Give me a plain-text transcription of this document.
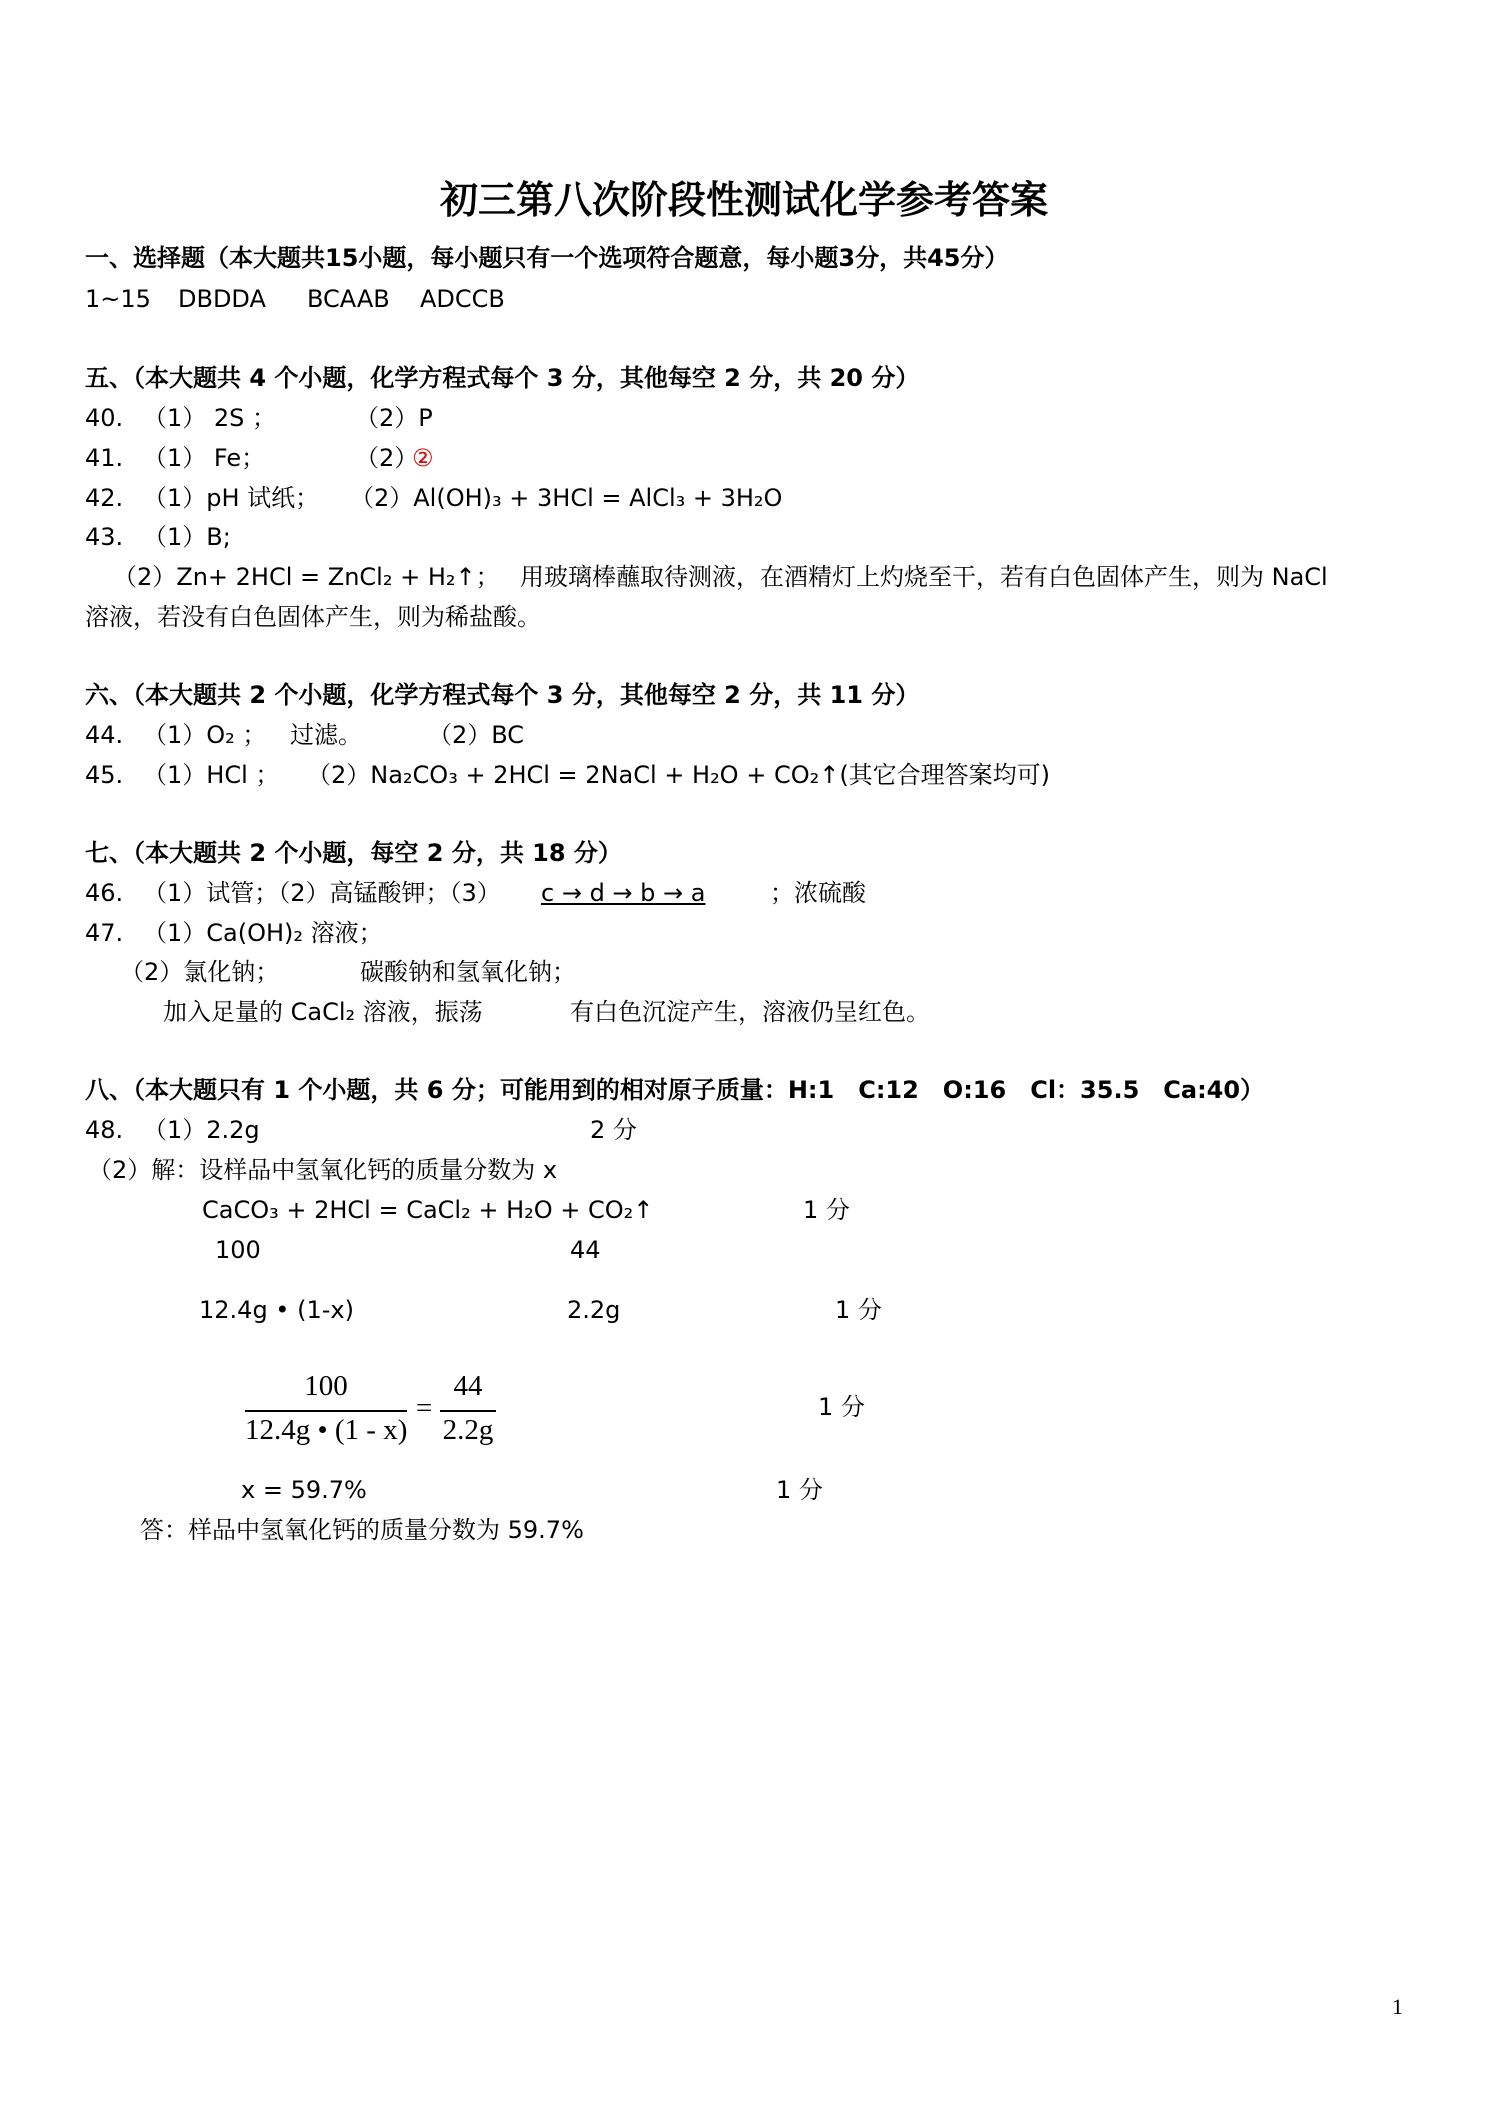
初三第八次阶段性测试化学参考答案
一、选择题（本大题共15小题，每小题只有一个选项符合题意，每小题3分，共45分）
1~15 DBDDA BCAAB ADCCB
五、（本大题共 4 个小题，化学方程式每个 3 分，其他每空 2 分，共 20 分）
40. （1） 2S ；	（2）P
41. （1） Fe；	（2）
②
42. （1）pH 试纸； （2）Al(OH)₃ + 3HCl = AlCl₃ + 3H₂O
43. （1）B;
（2）Zn+ 2HCl = ZnCl₂ + H₂↑； 用玻璃棒蘸取待测液，在酒精灯上灼烧至干，若有白色固体产生，则为 NaCl
溶液，若没有白色固体产生，则为稀盐酸。
六、（本大题共 2 个小题，化学方程式每个 3 分，其他每空 2 分，共 11 分）
44. （1）O₂ ； 过滤。	（2）BC
45. （1）HCl ； （2）Na₂CO₃ + 2HCl = 2NaCl + H₂O + CO₂↑(其它合理答案均可)
七、（本大题共 2 个小题，每空 2 分，共 18 分）
46. （1）试管；（2）高锰酸钾；（3） c → d → b → a	；浓硫酸
47. （1）Ca(OH)₂ 溶液；
（2）氯化钠；	碳酸钠和氢氧化钠；
加入足量的 CaCl₂ 溶液，振荡	有白色沉淀产生，溶液仍呈红色。
八、（本大题只有 1 个小题，共 6 分；可能用到的相对原子质量：H:1　C:12　O:16　Cl：35.5　Ca:40）
48. （1）2.2g	2 分
（2）解：设样品中氢氧化钙的质量分数为 x
CaCO₃ + 2HCl = CaCl₂ + H₂O + CO₂↑	1 分
100	44
12.4g • (1-x)	2.2g	1 分
100
12.4g • (1 - x)
=
44
2.2g
1 分
x = 59.7%	1 分
答：样品中氢氧化钙的质量分数为 59.7%
1
